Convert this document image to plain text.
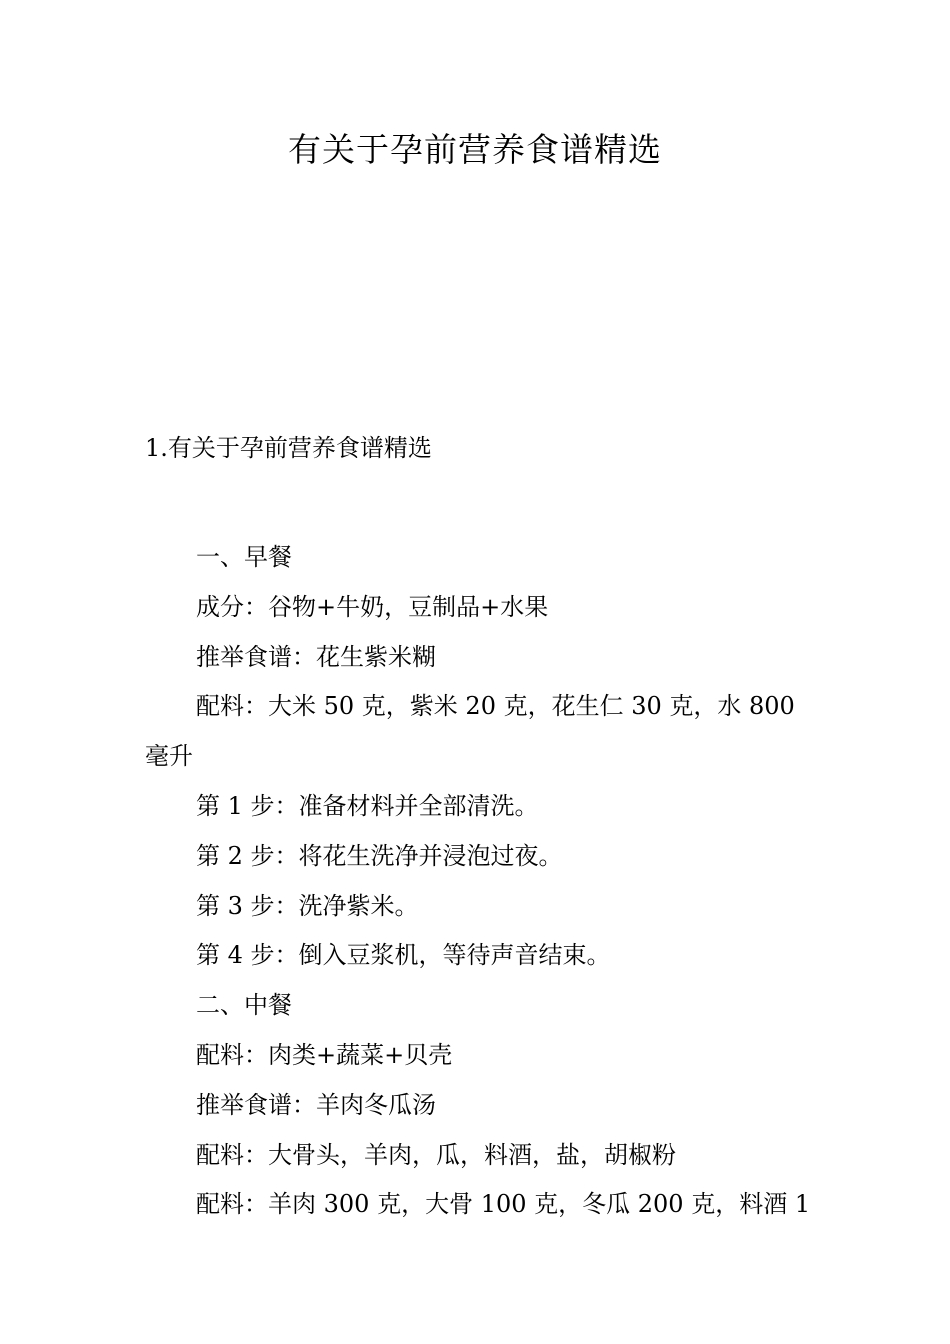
有关于孕前营养食谱精选
1.有关于孕前营养食谱精选

一、早餐

成分：谷物+牛奶，豆制品+水果

推举食谱：花生紫米糊

配料：大米 50 克，紫米 20 克，花生仁 30 克，水 800 毫升

第 1 步：准备材料并全部清洗。

第 2 步：将花生洗净并浸泡过夜。

第 3 步：洗净紫米。

第 4 步：倒入豆浆机，等待声音结束。

二、中餐

配料：肉类+蔬菜+贝壳

推举食谱：羊肉冬瓜汤

配料：大骨头，羊肉，瓜，料酒，盐，胡椒粉

配料：羊肉 300 克，大骨 100 克，冬瓜 200 克，料酒 1
